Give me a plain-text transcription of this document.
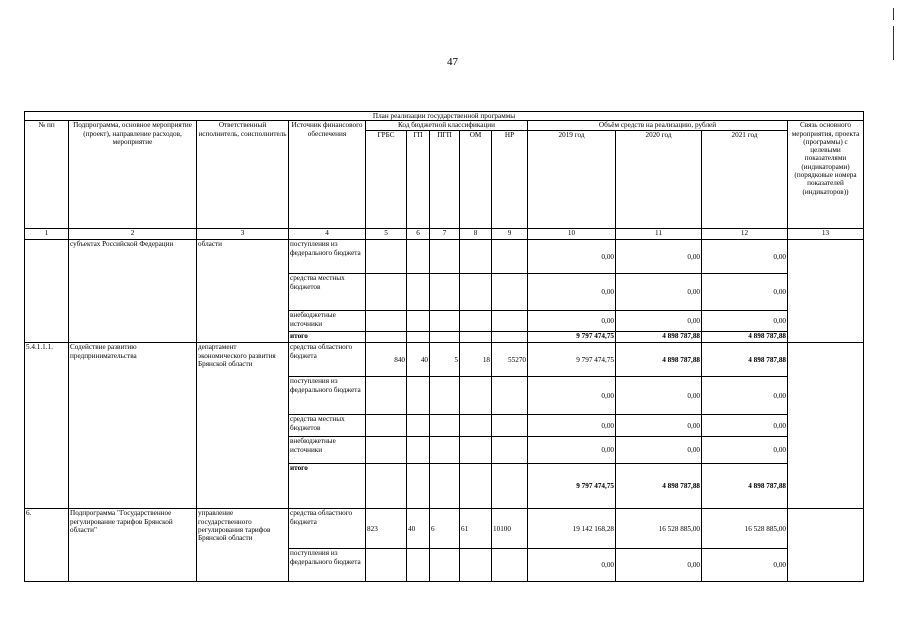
47
План реализации государственной программы												
№ пп	Подпрограмма, основное мероприятие (проект), направление расходов, мероприятие	Ответственный исполнитель, соисполнитель	Источник финансового обеспечения	Код бюджетной классификации					Объём средств на реализацию, рублей			Связь основного мероприятия, проекта (программы) с целевыми показателями (индикаторами) (порядковые номера показателей (индикаторов))
				ГРБС	ГП	ПГП	ОМ	НР	2019 год	2020 год	2021 год	
1	2	3	4	5	6	7	8	9	10	11	12	13
	субъектах Российской Федерации	области	поступления из федерального бюджета						0,00	0,00	0,00	
			средства местных бюджетов						0,00	0,00	0,00	
			внебюджетные источники						0,00	0,00	0,00	
			итого						9 797 474,75	4 898 787,88	4 898 787,88	
5.4.1.1.1.	Содействие развитию предпринимательства	департамент экономического развития Брянской области	средства областного бюджета	840	40	5	18	55270	9 797 474,75	4 898 787,88	4 898 787,88	
			поступления из федерального бюджета						0,00	0,00	0,00	
			средства местных бюджетов						0,00	0,00	0,00	
			внебюджетные источники						0,00	0,00	0,00	
			итого						9 797 474,75	4 898 787,88	4 898 787,88	
6.	Подпрограмма "Государственное регулирование тарифов Брянской области"	управление государственного регулирования тарифов Брянской области	средства областного бюджета	823	40	6	61	10100	19 142 168,28	16 528 885,00	16 528 885,00	
			поступления из федерального бюджета						0,00	0,00	0,00	
